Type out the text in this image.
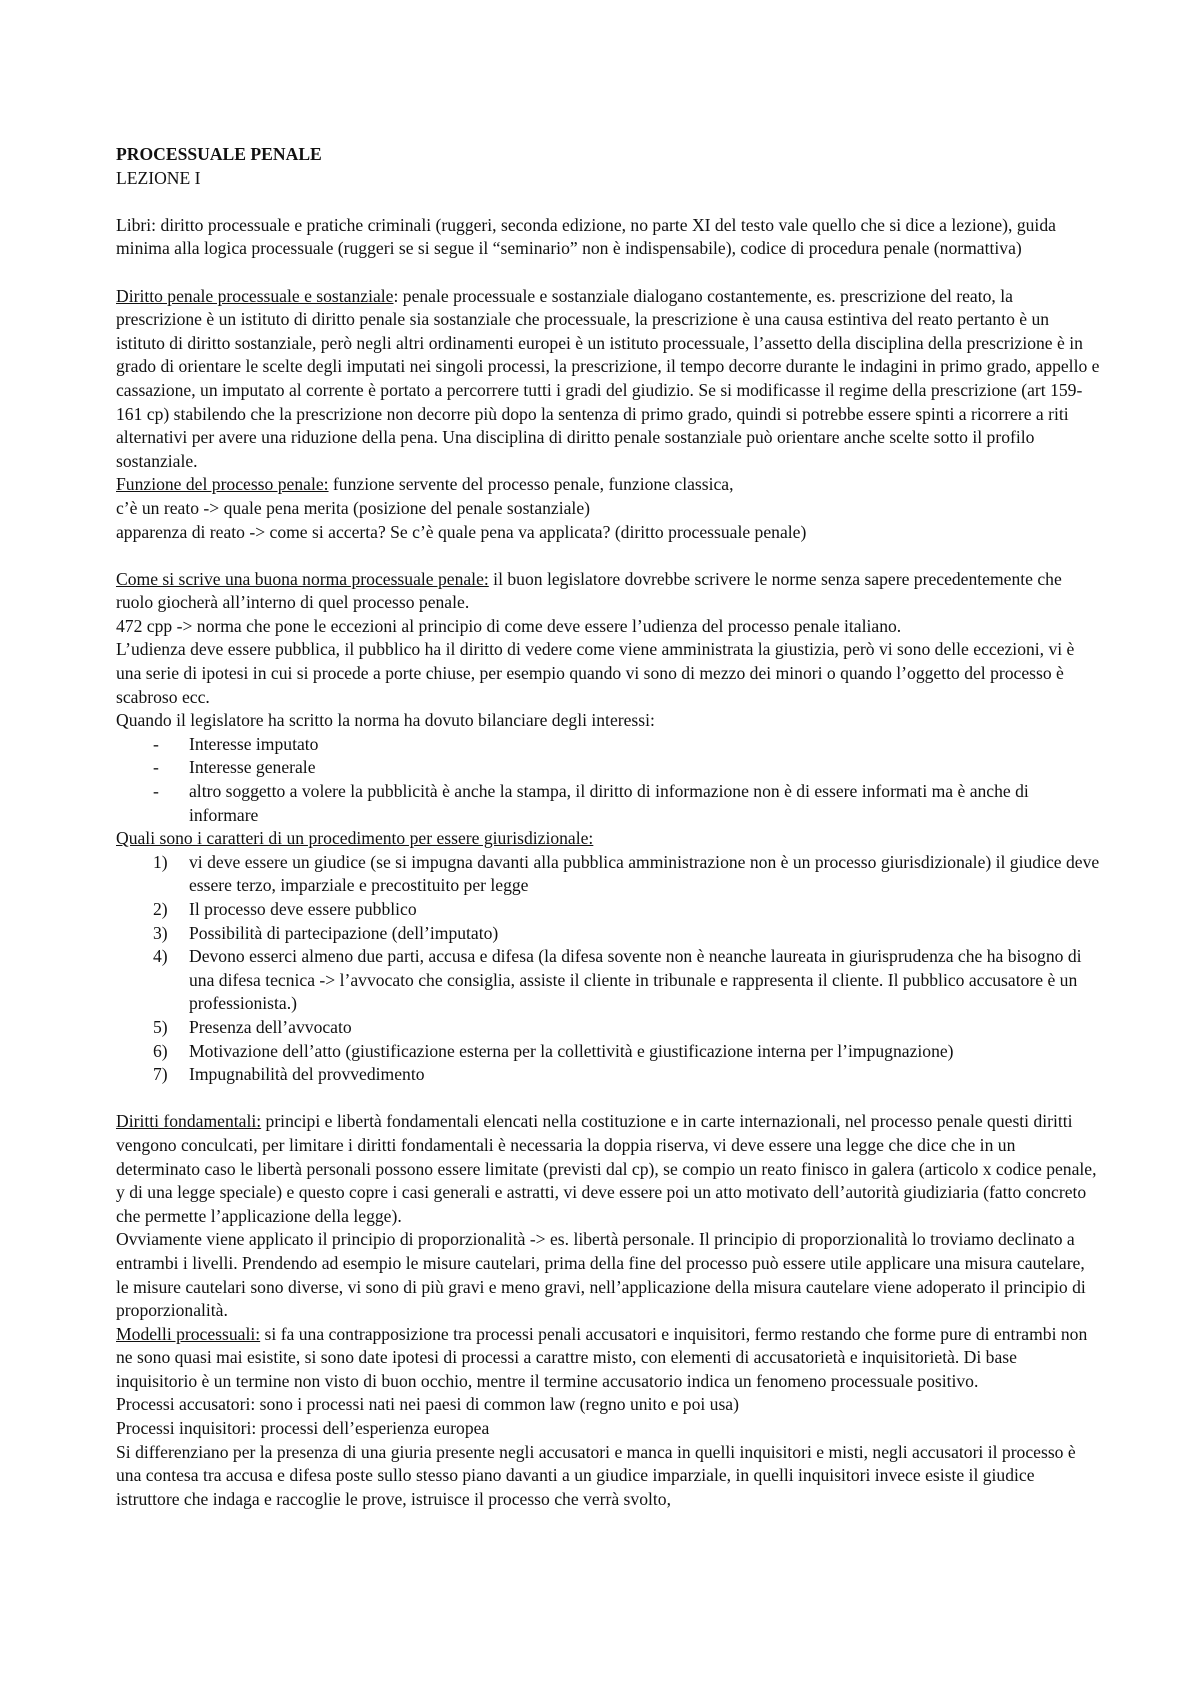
PROCESSUALE PENALE

LEZIONE I

Libri: diritto processuale e pratiche criminali (ruggeri, seconda edizione, no parte XI del testo vale quello che si dice a lezione), guida minima alla logica processuale (ruggeri se si segue il “seminario” non è indispensabile), codice di procedura penale (normattiva)

Diritto penale processuale e sostanziale: penale processuale e sostanziale dialogano costantemente, es. prescrizione del reato, la prescrizione è un istituto di diritto penale sia sostanziale che processuale, la prescrizione è una causa estintiva del reato pertanto è un istituto di diritto sostanziale, però negli altri ordinamenti europei è un istituto processuale, l’assetto della disciplina della prescrizione è in grado di orientare le scelte degli imputati nei singoli processi, la prescrizione, il tempo decorre durante le indagini in primo grado, appello e cassazione, un imputato al corrente è portato a percorrere tutti i gradi del giudizio. Se si modificasse il regime della prescrizione (art 159-161 cp) stabilendo che la prescrizione non decorre più dopo la sentenza di primo grado, quindi si potrebbe essere spinti a ricorrere a riti alternativi per avere una riduzione della pena. Una disciplina di diritto penale sostanziale può orientare anche scelte sotto il profilo sostanziale.

Funzione del processo penale: funzione servente del processo penale, funzione classica,

c’è un reato -> quale pena merita (posizione del penale sostanziale)

apparenza di reato -> come si accerta? Se c’è quale pena va applicata? (diritto processuale penale)

Come si scrive una buona norma processuale penale: il buon legislatore dovrebbe scrivere le norme senza sapere precedentemente che ruolo giocherà all’interno di quel processo penale.

472 cpp -> norma che pone le eccezioni al principio di come deve essere l’udienza del processo penale italiano.

L’udienza deve essere pubblica, il pubblico ha il diritto di vedere come viene amministrata la giustizia, però vi sono delle eccezioni, vi è una serie di ipotesi in cui si procede a porte chiuse, per esempio quando vi sono di mezzo dei minori o quando l’oggetto del processo è scabroso ecc.

Quando il legislatore ha scritto la norma ha dovuto bilanciare degli interessi:

- Interesse imputato
- Interesse generale
- altro soggetto a volere la pubblicità è anche la stampa, il diritto di informazione non è di essere informati ma è anche di informare

Quali sono i caratteri di un procedimento per essere giurisdizionale:

1)	vi deve essere un giudice (se si impugna davanti alla pubblica amministrazione non è un processo giurisdizionale) il giudice deve essere terzo, imparziale e precostituito per legge
2)	Il processo deve essere pubblico
3)	Possibilità di partecipazione (dell’imputato)
4)	Devono esserci almeno due parti, accusa e difesa (la difesa sovente non è neanche laureata in giurisprudenza che ha bisogno di una difesa tecnica -> l’avvocato che consiglia, assiste il cliente in tribunale e rappresenta il cliente. Il pubblico accusatore è un professionista.)
5)	Presenza dell’avvocato
6)	Motivazione dell’atto (giustificazione esterna per la collettività e giustificazione interna per l’impugnazione)
7)	Impugnabilità del provvedimento

Diritti fondamentali: principi e libertà fondamentali elencati nella costituzione e in carte internazionali, nel processo penale questi diritti vengono conculcati, per limitare i diritti fondamentali è necessaria la doppia riserva, vi deve essere una legge che dice che in un determinato caso le libertà personali possono essere limitate (previsti dal cp), se compio un reato finisco in galera (articolo x codice penale, y di una legge speciale) e questo copre i casi generali e astratti, vi deve essere poi un atto motivato dell’autorità giudiziaria (fatto concreto che permette l’applicazione della legge).

Ovviamente viene applicato il principio di proporzionalità -> es. libertà personale. Il principio di proporzionalità lo troviamo declinato a entrambi i livelli. Prendendo ad esempio le misure cautelari, prima della fine del processo può essere utile applicare una misura cautelare, le misure cautelari sono diverse, vi sono di più gravi e meno gravi, nell’applicazione della misura cautelare viene adoperato il principio di proporzionalità.

Modelli processuali: si fa una contrapposizione tra processi penali accusatori e inquisitori, fermo restando che forme pure di entrambi non ne sono quasi mai esistite, si sono date ipotesi di processi a carattre misto, con elementi di accusatorietà e inquisitorietà. Di base inquisitorio è un termine non visto di buon occhio, mentre il termine accusatorio indica un fenomeno processuale positivo.

Processi accusatori: sono i processi nati nei paesi di common law (regno unito e poi usa)

Processi inquisitori: processi dell’esperienza europea

Si differenziano per la presenza di una giuria presente negli accusatori e manca in quelli inquisitori e misti, negli accusatori il processo è una contesa tra accusa e difesa poste sullo stesso piano davanti a un giudice imparziale, in quelli inquisitori invece esiste il giudice istruttore che indaga e raccoglie le prove, istruisce il processo che verrà svolto,
